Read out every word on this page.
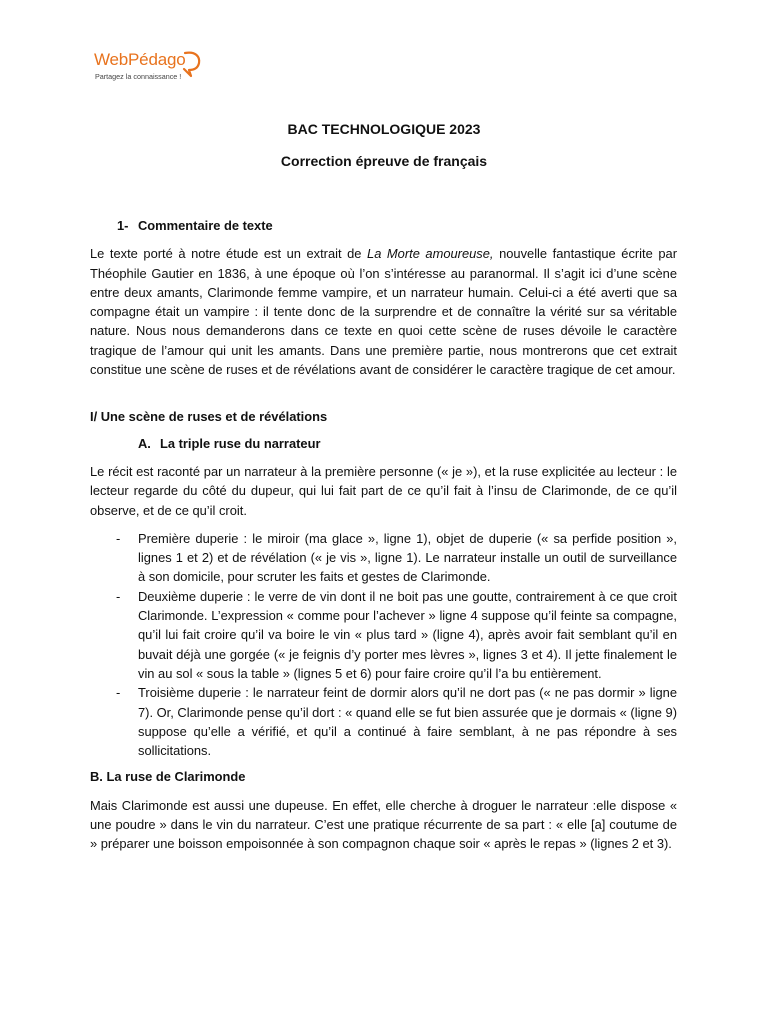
WebPédago
Partagez la connaissance !

BAC TECHNOLOGIQUE 2023

Correction épreuve de français

1- Commentaire de texte

Le texte porté à notre étude est un extrait de La Morte amoureuse, nouvelle fantastique écrite par Théophile Gautier en 1836, à une époque où l’on s’intéresse au paranormal. Il s’agit ici d’une scène entre deux amants, Clarimonde femme vampire, et un narrateur humain. Celui-ci a été averti que sa compagne était un vampire : il tente donc de la surprendre et de connaître la vérité sur sa véritable nature. Nous nous demanderons dans ce texte en quoi cette scène de ruses dévoile le caractère tragique de l’amour qui unit les amants. Dans une première partie, nous montrerons que cet extrait constitue une scène de ruses et de révélations avant de considérer le caractère tragique de cet amour.

I/ Une scène de ruses et de révélations

A. La triple ruse du narrateur

Le récit est raconté par un narrateur à la première personne (« je »), et la ruse explicitée au lecteur : le lecteur regarde du côté du dupeur, qui lui fait part de ce qu’il fait à l’insu de Clarimonde, de ce qu’il observe, et de ce qu’il croit.

- Première duperie : le miroir (ma glace », ligne 1), objet de duperie (« sa perfide position », lignes 1 et 2) et de révélation (« je vis », ligne 1). Le narrateur installe un outil de surveillance à son domicile, pour scruter les faits et gestes de Clarimonde.
- Deuxième duperie : le verre de vin dont il ne boit pas une goutte, contrairement à ce que croit Clarimonde. L’expression « comme pour l’achever » ligne 4 suppose qu’il feinte sa compagne, qu’il lui fait croire qu’il va boire le vin « plus tard » (ligne 4), après avoir fait semblant qu’il en buvait déjà une gorgée (« je feignis d’y porter mes lèvres », lignes 3 et 4). Il jette finalement le vin au sol « sous la table » (lignes 5 et 6) pour faire croire qu’il l’a bu entièrement.
- Troisième duperie : le narrateur feint de dormir alors qu’il ne dort pas (« ne pas dormir » ligne 7). Or, Clarimonde pense qu’il dort : « quand elle se fut bien assurée que je dormais « (ligne 9) suppose qu’elle a vérifié, et qu’il a continué à faire semblant, à ne pas répondre à ses sollicitations.

B. La ruse de Clarimonde

Mais Clarimonde est aussi une dupeuse. En effet, elle cherche à droguer le narrateur :elle dispose « une poudre » dans le vin du narrateur. C’est une pratique récurrente de sa part : « elle [a] coutume de » préparer une boisson empoisonnée à son compagnon chaque soir « après le repas » (lignes 2 et 3).
